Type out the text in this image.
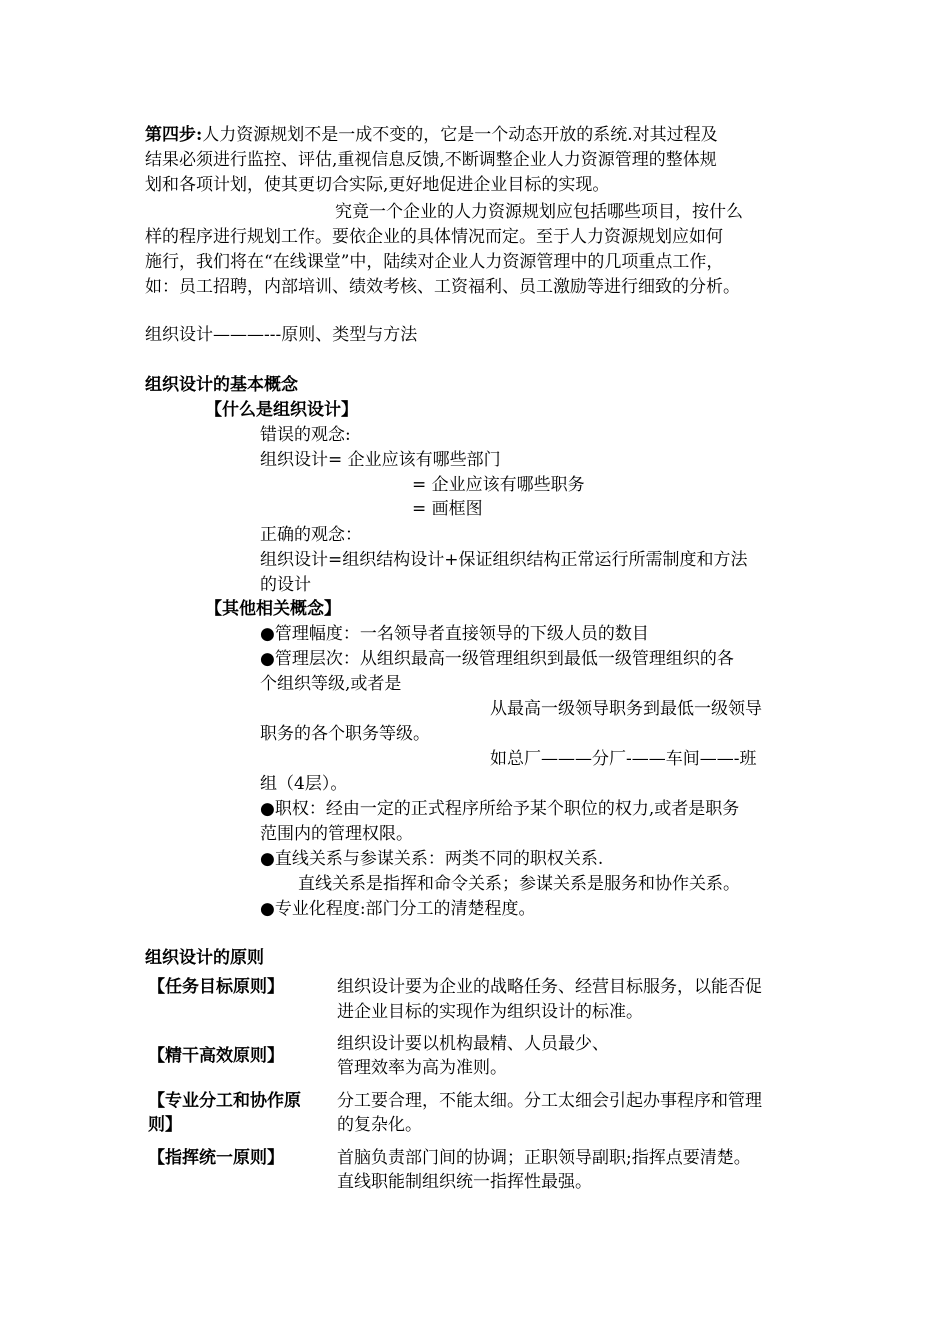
第四步:人力资源规划不是一成不变的，它是一个动态开放的系统.对其过程及
结果必须进行监控、评估,重视信息反馈,不断调整企业人力资源管理的整体规
划和各项计划，使其更切合实际,更好地促进企业目标的实现。
究竟一个企业的人力资源规划应包括哪些项目，按什么
样的程序进行规划工作。要依企业的具体情况而定。至于人力资源规划应如何
施行，我们将在“在线课堂”中，陆续对企业人力资源管理中的几项重点工作，
如：员工招聘，内部培训、绩效考核、工资福利、员工激励等进行细致的分析。
组织设计———---原则、类型与方法
组织设计的基本概念
【什么是组织设计】
错误的观念:
组织设计= 企业应该有哪些部门
= 企业应该有哪些职务
= 画框图
正确的观念：
组织设计=组织结构设计+保证组织结构正常运行所需制度和方法
的设计
【其他相关概念】
●管理幅度：一名领导者直接领导的下级人员的数目
●管理层次：从组织最高一级管理组织到最低一级管理组织的各
个组织等级,或者是
从最高一级领导职务到最低一级领导
职务的各个职务等级。
如总厂———分厂-——车间——-班
组（4层）。
●职权：经由一定的正式程序所给予某个职位的权力,或者是职务
范围内的管理权限。
●直线关系与参谋关系：两类不同的职权关系.
直线关系是指挥和命令关系；参谋关系是服务和协作关系。
●专业化程度:部门分工的清楚程度。
组织设计的原则
【任务目标原则】	组织设计要为企业的战略任务、经营目标服务，以能否促
进企业目标的实现作为组织设计的标准。
【精干高效原则】
组织设计要以机构最精、人员最少、
管理效率为高为准则。
【专业分工和协作原
则】
分工要合理，不能太细。分工太细会引起办事程序和管理
的复杂化。
【指挥统一原则】	首脑负责部门间的协调；正职领导副职;指挥点要清楚。
直线职能制组织统一指挥性最强。
